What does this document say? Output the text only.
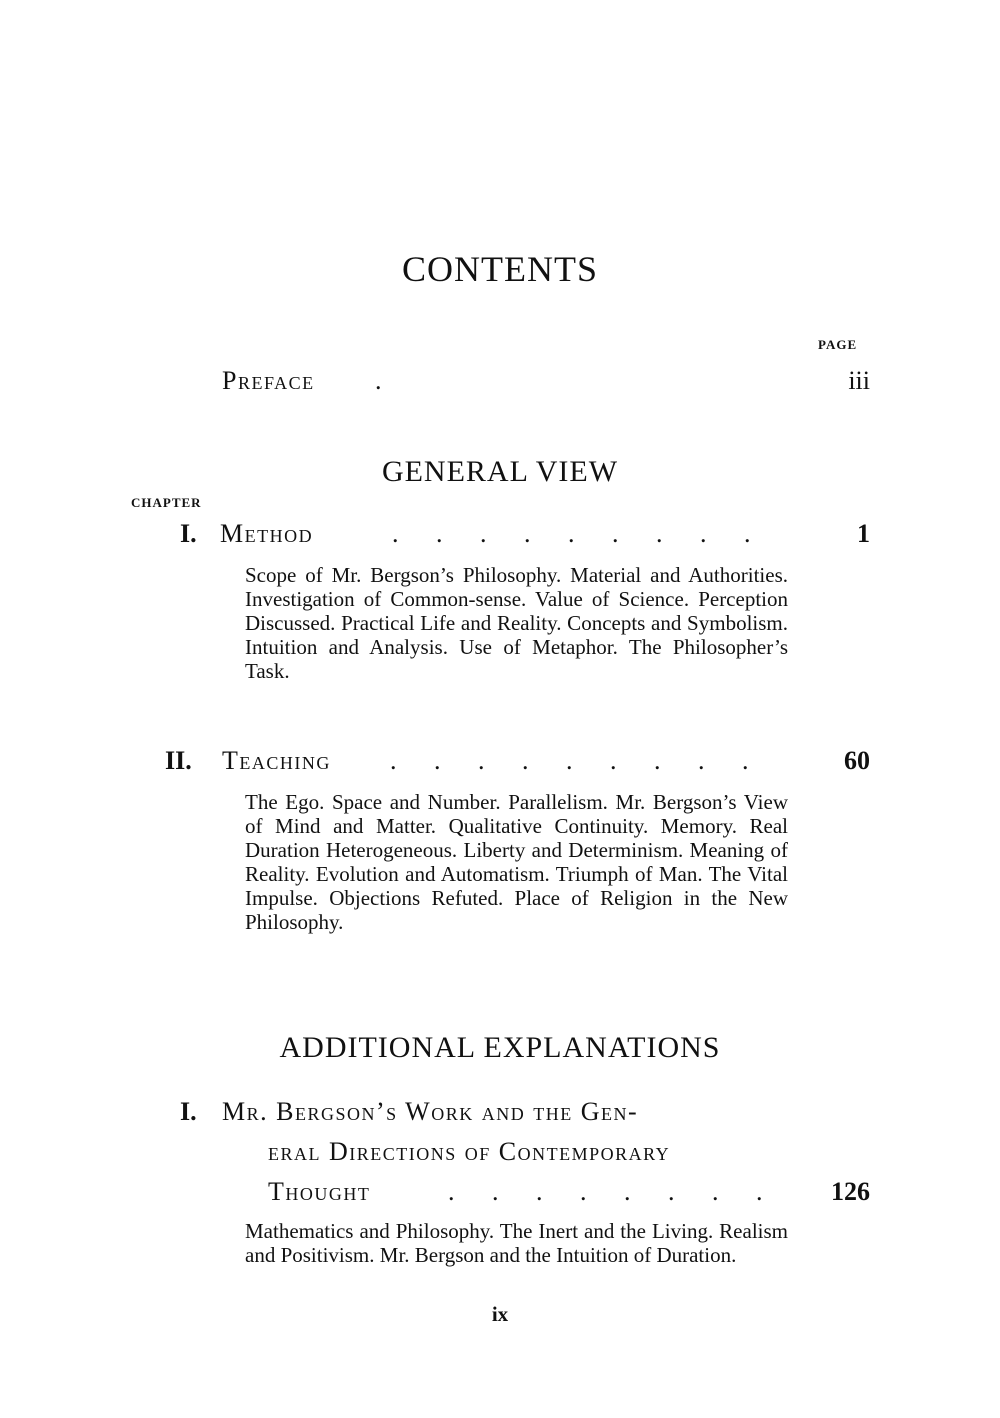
CONTENTS
PAGE
Preface .	iii
GENERAL VIEW
CHAPTER
I. Method	. . . . . . . . .	1
Scope of Mr. Bergson’s Philosophy. Material and Authorities. Investigation of Common-sense. Value of Science. Perception Discussed. Practical Life and Reality. Concepts and Symbolism. Intuition and Analysis. Use of Metaphor. The Philosopher’s Task.
II. Teaching . . . . . . . . .	60
The Ego. Space and Number. Parallelism. Mr. Bergson’s View of Mind and Matter. Qualitative Continuity. Memory. Real Duration Heterogeneous. Liberty and Determinism. Meaning of Reality. Evolution and Automatism. Triumph of Man. The Vital Impulse. Objections Refuted. Place of Religion in the New Philosophy.
ADDITIONAL EXPLANATIONS
I. Mr. Bergson’s Work and the Gen-
eral Directions of Contemporary
Thought	. . . . . . . .	126
Mathematics and Philosophy. The Inert and the Living. Realism and Positivism. Mr. Bergson and the Intuition of Duration.
ix
